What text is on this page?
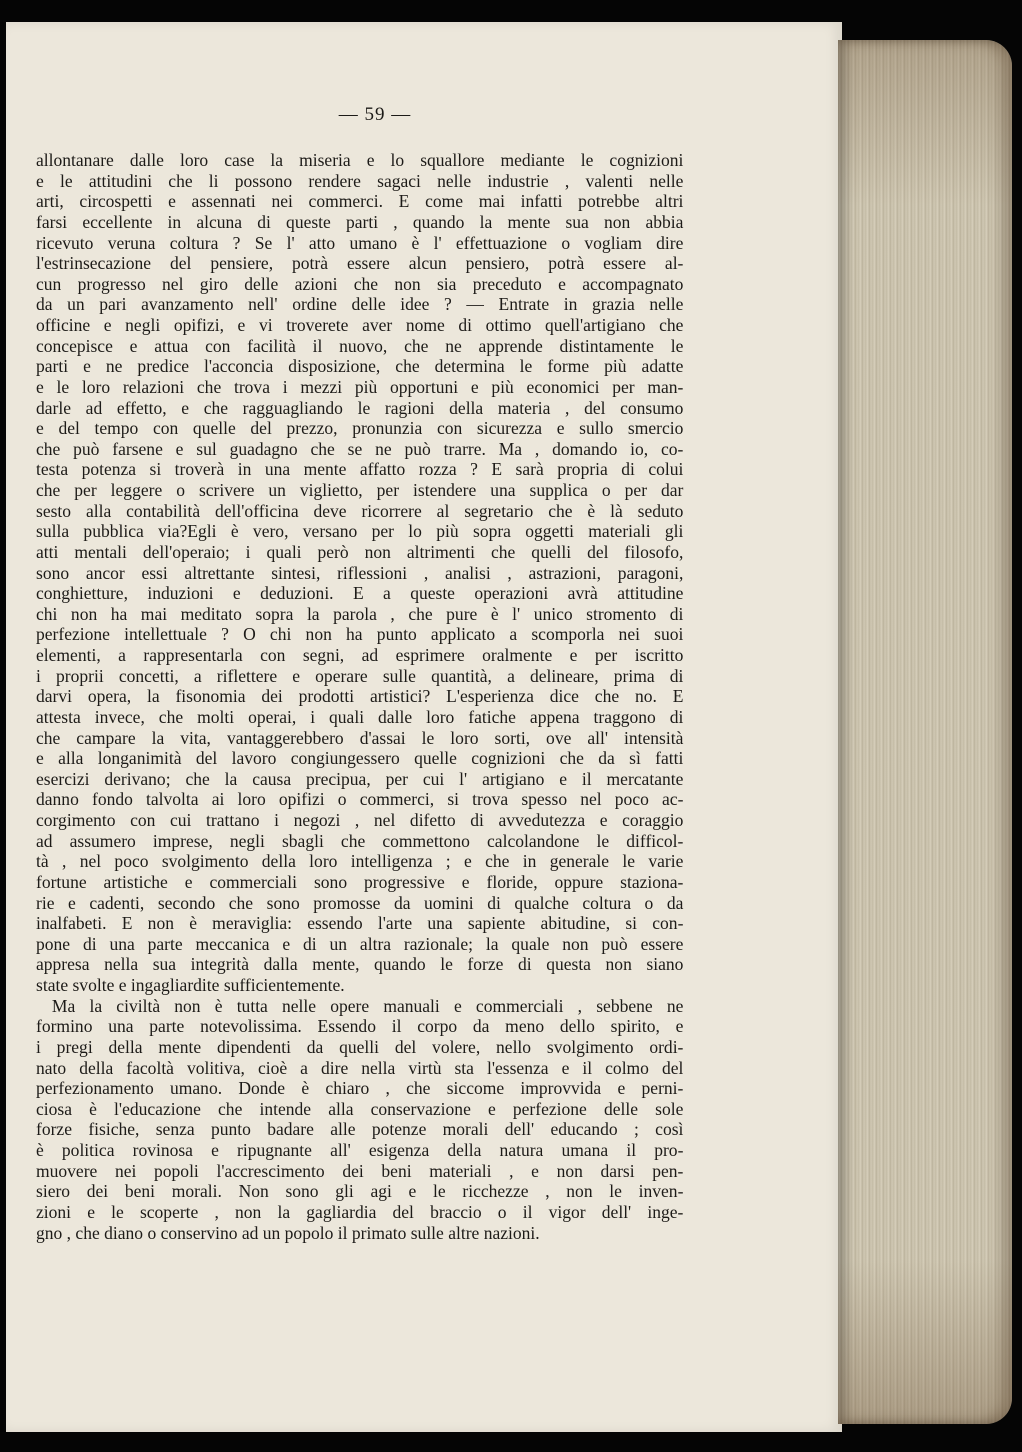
— 59 —
allontanare dalle loro case la miseria e lo squallore mediante le cognizioni
e le attitudini che li possono rendere sagaci nelle industrie , valenti nelle
arti, circospetti e assennati nei commerci. E come mai infatti potrebbe altri
farsi eccellente in alcuna di queste parti , quando la mente sua non abbia
ricevuto veruna coltura ? Se l' atto umano è l' effettuazione o vogliam dire
l'estrinsecazione del pensiere, potrà essere alcun pensiero, potrà essere al-
cun progresso nel giro delle azioni che non sia preceduto e accompagnato
da un pari avanzamento nell' ordine delle idee ? — Entrate in grazia nelle
officine e negli opifizi, e vi troverete aver nome di ottimo quell'artigiano che
concepisce e attua con facilità il nuovo, che ne apprende distintamente le
parti e ne predice l'acconcia disposizione, che determina le forme più adatte
e le loro relazioni che trova i mezzi più opportuni e più economici per man-
darle ad effetto, e che ragguagliando le ragioni della materia , del consumo
e del tempo con quelle del prezzo, pronunzia con sicurezza e sullo smercio
che può farsene e sul guadagno che se ne può trarre. Ma , domando io, co-
testa potenza si troverà in una mente affatto rozza ? E sarà propria di colui
che per leggere o scrivere un viglietto, per istendere una supplica o per dar
sesto alla contabilità dell'officina deve ricorrere al segretario che è là seduto
sulla pubblica via?Egli è vero, versano per lo più sopra oggetti materiali gli
atti mentali dell'operaio; i quali però non altrimenti che quelli del filosofo,
sono ancor essi altrettante sintesi, riflessioni , analisi , astrazioni, paragoni,
conghietture, induzioni e deduzioni. E a queste operazioni avrà attitudine
chi non ha mai meditato sopra la parola , che pure è l' unico stromento di
perfezione intellettuale ? O chi non ha punto applicato a scomporla nei suoi
elementi, a rappresentarla con segni, ad esprimere oralmente e per iscritto
i proprii concetti, a riflettere e operare sulle quantità, a delineare, prima di
darvi opera, la fisonomia dei prodotti artistici? L'esperienza dice che no. E
attesta invece, che molti operai, i quali dalle loro fatiche appena traggono di
che campare la vita, vantaggerebbero d'assai le loro sorti, ove all' intensità
e alla longanimità del lavoro congiungessero quelle cognizioni che da sì fatti
esercizi derivano; che la causa precipua, per cui l' artigiano e il mercatante
danno fondo talvolta ai loro opifizi o commerci, si trova spesso nel poco ac-
corgimento con cui trattano i negozi , nel difetto di avvedutezza e coraggio
ad assumero imprese, negli sbagli che commettono calcolandone le difficol-
tà , nel poco svolgimento della loro intelligenza ; e che in generale le varie
fortune artistiche e commerciali sono progressive e floride, oppure staziona-
rie e cadenti, secondo che sono promosse da uomini di qualche coltura o da
inalfabeti. E non è meraviglia: essendo l'arte una sapiente abitudine, si con-
pone di una parte meccanica e di un altra razionale; la quale non può essere
appresa nella sua integrità dalla mente, quando le forze di questa non siano
state svolte e ingagliardite sufficientemente.
Ma la civiltà non è tutta nelle opere manuali e commerciali , sebbene ne
formino una parte notevolissima. Essendo il corpo da meno dello spirito, e
i pregi della mente dipendenti da quelli del volere, nello svolgimento ordi-
nato della facoltà volitiva, cioè a dire nella virtù sta l'essenza e il colmo del
perfezionamento umano. Donde è chiaro , che siccome improvvida e perni-
ciosa è l'educazione che intende alla conservazione e perfezione delle sole
forze fisiche, senza punto badare alle potenze morali dell' educando ; così
è politica rovinosa e ripugnante all' esigenza della natura umana il pro-
muovere nei popoli l'accrescimento dei beni materiali , e non darsi pen-
siero dei beni morali. Non sono gli agi e le ricchezze , non le inven-
zioni e le scoperte , non la gagliardia del braccio o il vigor dell' inge-
gno , che diano o conservino ad un popolo il primato sulle altre nazioni.
